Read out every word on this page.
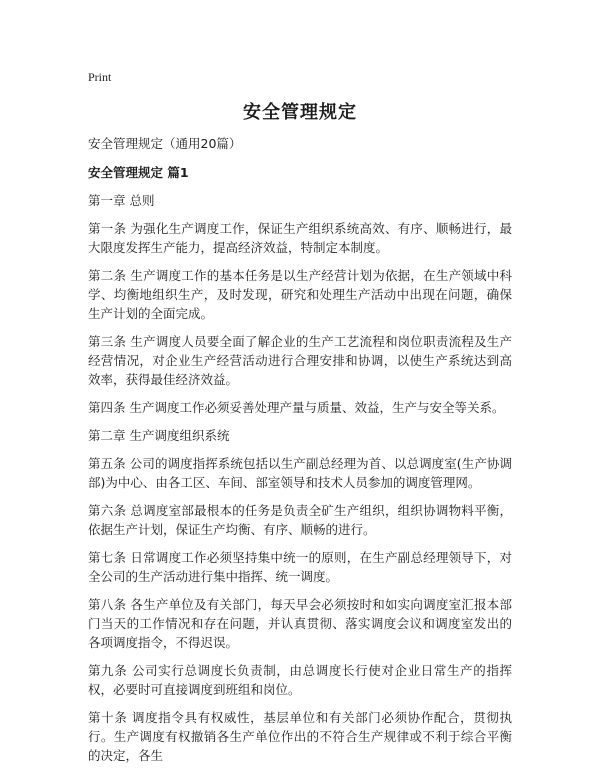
Print
安全管理规定

安全管理规定（通用20篇）

安全管理规定 篇1

第一章 总则

第一条 为强化生产调度工作，保证生产组织系统高效、有序、顺畅进行，最大限度发挥生产能力，提高经济效益，特制定本制度。

第二条 生产调度工作的基本任务是以生产经营计划为依据，在生产领域中科学、均衡地组织生产，及时发现，研究和处理生产活动中出现在问题，确保生产计划的全面完成。

第三条 生产调度人员要全面了解企业的生产工艺流程和岗位职责流程及生产经营情况，对企业生产经营活动进行合理安排和协调，以使生产系统达到高效率，获得最佳经济效益。

第四条 生产调度工作必须妥善处理产量与质量、效益，生产与安全等关系。

第二章 生产调度组织系统

第五条 公司的调度指挥系统包括以生产副总经理为首、以总调度室(生产协调部)为中心、由各工区、车间、部室领导和技术人员参加的调度管理网。

第六条 总调度室部最根本的任务是负责全矿生产组织，组织协调物料平衡，依据生产计划，保证生产均衡、有序、顺畅的进行。

第七条 日常调度工作必须坚持集中统一的原则，在生产副总经理领导下，对全公司的生产活动进行集中指挥、统一调度。

第八条 各生产单位及有关部门，每天早会必须按时和如实向调度室汇报本部门当天的工作情况和存在问题，并认真贯彻、落实调度会议和调度室发出的各项调度指令，不得迟误。

第九条 公司实行总调度长负责制，由总调度长行使对企业日常生产的指挥权，必要时可直接调度到班组和岗位。

第十条 调度指令具有权威性，基层单位和有关部门必须协作配合，贯彻执行。生产调度有权撤销各生产单位作出的不符合生产规律或不利于综合平衡的决定，各生
